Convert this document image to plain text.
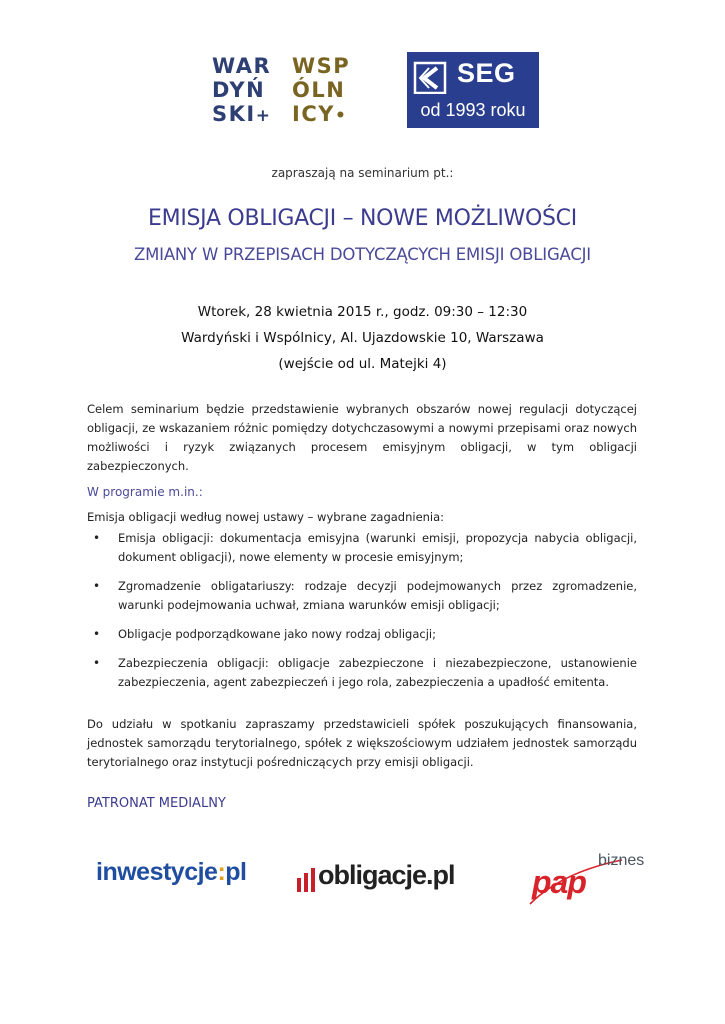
WAR
DYŃ
SKI+
WSP
ÓLN
ICY•
SEG
od 1993 roku
zapraszają na seminarium pt.:
EMISJA OBLIGACJI – NOWE MOŻLIWOŚCI
ZMIANY W PRZEPISACH DOTYCZĄCYCH EMISJI OBLIGACJI
Wtorek, 28 kwietnia 2015 r., godz. 09:30 – 12:30
Wardyński i Wspólnicy, Al. Ujazdowskie 10, Warszawa
(wejście od ul. Matejki 4)
Celem seminarium będzie przedstawienie wybranych obszarów nowej regulacji dotyczącej obligacji, ze wskazaniem różnic pomiędzy dotychczasowymi a nowymi przepisami oraz nowych możliwości i ryzyk związanych procesem emisyjnym obligacji, w tym obligacji zabezpieczonych.
W programie m.in.:
Emisja obligacji według nowej ustawy – wybrane zagadnienia:
• Emisja obligacji: dokumentacja emisyjna (warunki emisji, propozycja nabycia obligacji, dokument obligacji), nowe elementy w procesie emisyjnym;
• Zgromadzenie obligatariuszy: rodzaje decyzji podejmowanych przez zgromadzenie, warunki podejmowania uchwał, zmiana warunków emisji obligacji;
• Obligacje podporządkowane jako nowy rodzaj obligacji;
• Zabezpieczenia obligacji: obligacje zabezpieczone i niezabezpieczone, ustanowienie zabezpieczenia, agent zabezpieczeń i jego rola, zabezpieczenia a upadłość emitenta.
Do udziału w spotkaniu zapraszamy przedstawicieli spółek poszukujących finansowania, jednostek samorządu terytorialnego, spółek z większościowym udziałem jednostek samorządu terytorialnego oraz instytucji pośredniczących przy emisji obligacji.
PATRONAT MEDIALNY
inwestycje:pl	obligacje.pl	biznes
pap
